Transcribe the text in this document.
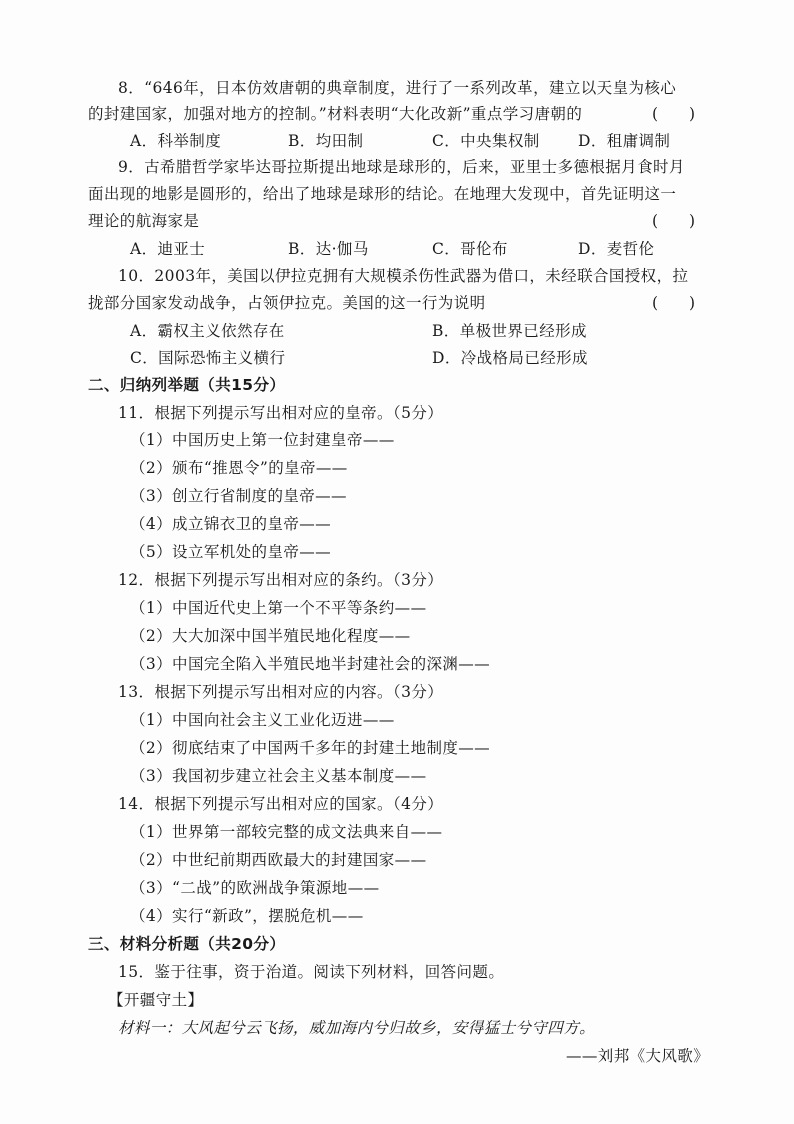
8．“646年，日本仿效唐朝的典章制度，进行了一系列改革，建立以天皇为核心
的封建国家，加强对地方的控制。”材料表明“大化改新”重点学习唐朝的	(　　)
A．科举制度	B．均田制	C．中央集权制 D．租庸调制
9．古希腊哲学家毕达哥拉斯提出地球是球形的，后来，亚里士多德根据月食时月
面出现的地影是圆形的，给出了地球是球形的结论。在地理大发现中，首先证明这一
理论的航海家是	(　　)
A．迪亚士	B．达·伽马	C．哥伦布	D．麦哲伦
10．2003年，美国以伊拉克拥有大规模杀伤性武器为借口，未经联合国授权，拉
拢部分国家发动战争，占领伊拉克。美国的这一行为说明	(　　)
A．霸权主义依然存在	B．单极世界已经形成
C．国际恐怖主义横行	D．冷战格局已经形成
二、归纳列举题（共15分）
11．根据下列提示写出相对应的皇帝。（5分）
（1）中国历史上第一位封建皇帝——
（2）颁布“推恩令”的皇帝——
（3）创立行省制度的皇帝——
（4）成立锦衣卫的皇帝——
（5）设立军机处的皇帝——
12．根据下列提示写出相对应的条约。（3分）
（1）中国近代史上第一个不平等条约——
（2）大大加深中国半殖民地化程度——
（3）中国完全陷入半殖民地半封建社会的深渊——
13．根据下列提示写出相对应的内容。（3分）
（1）中国向社会主义工业化迈进——
（2）彻底结束了中国两千多年的封建土地制度——
（3）我国初步建立社会主义基本制度——
14．根据下列提示写出相对应的国家。（4分）
（1）世界第一部较完整的成文法典来自——
（2）中世纪前期西欧最大的封建国家——
（3）“二战”的欧洲战争策源地——
（4）实行“新政”，摆脱危机——
三、材料分析题（共20分）
15．鉴于往事，资于治道。阅读下列材料，回答问题。
【开疆守土】
材料一：大风起兮云飞扬，威加海内兮归故乡，安得猛士兮守四方。
——刘邦《大风歌》
